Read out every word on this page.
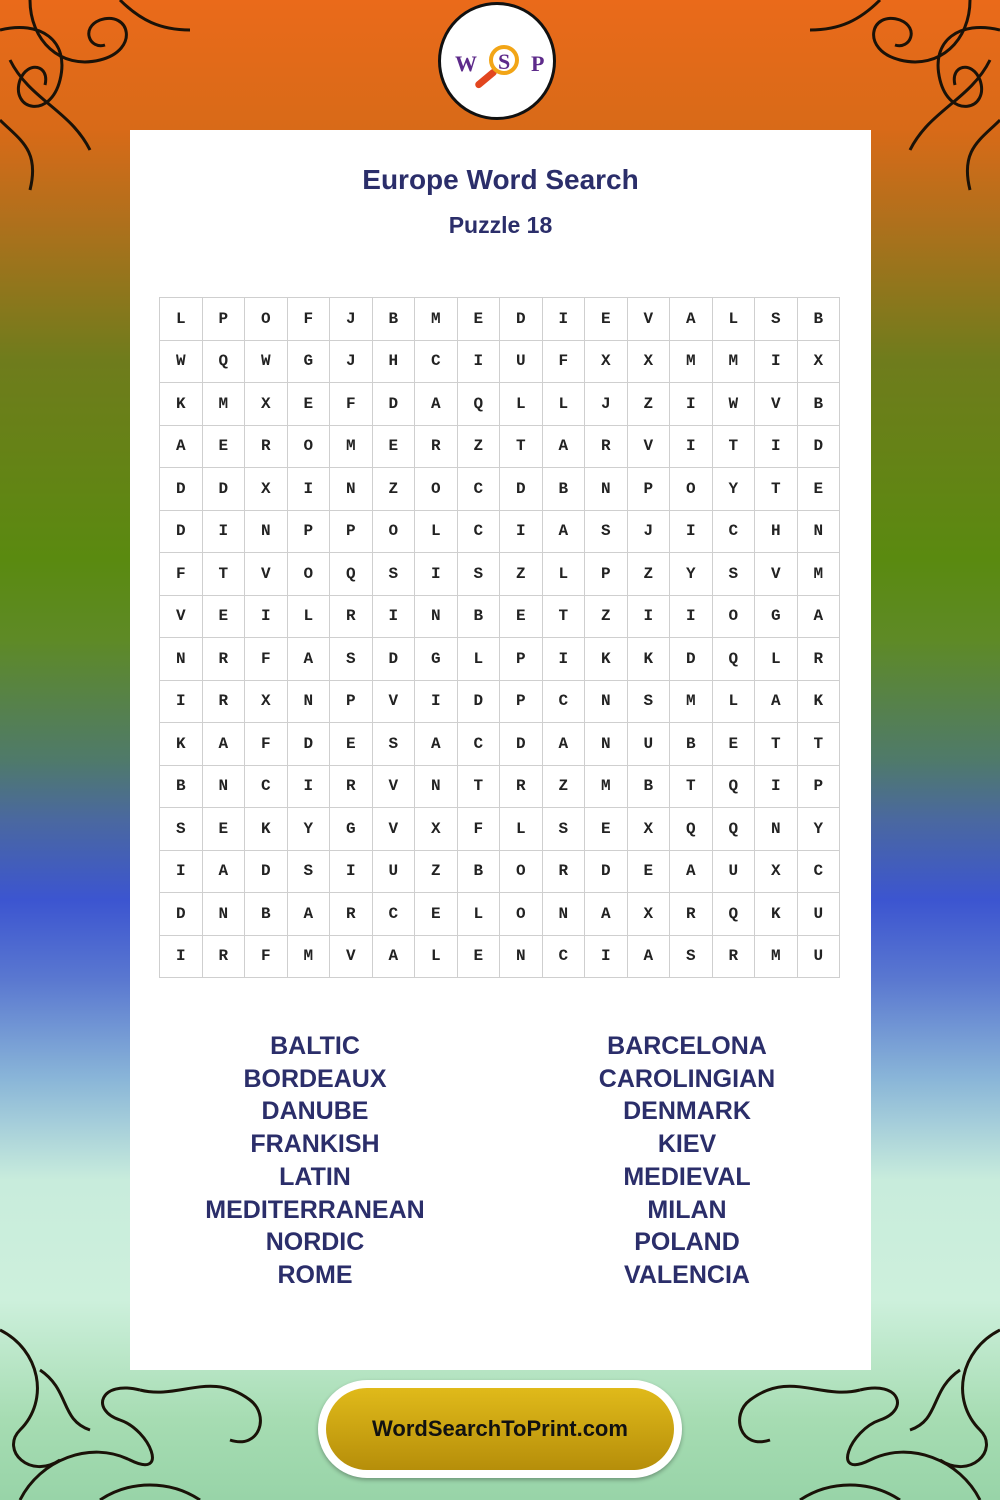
W S P
Europe Word Search
Puzzle 18
L	P	O	F	J	B	M	E	D	I	E	V	A	L	S	B
W	Q	W	G	J	H	C	I	U	F	X	X	M	M	I	X
K	M	X	E	F	D	A	Q	L	L	J	Z	I	W	V	B
A	E	R	O	M	E	R	Z	T	A	R	V	I	T	I	D
D	D	X	I	N	Z	O	C	D	B	N	P	O	Y	T	E
D	I	N	P	P	O	L	C	I	A	S	J	I	C	H	N
F	T	V	O	Q	S	I	S	Z	L	P	Z	Y	S	V	M
V	E	I	L	R	I	N	B	E	T	Z	I	I	O	G	A
N	R	F	A	S	D	G	L	P	I	K	K	D	Q	L	R
I	R	X	N	P	V	I	D	P	C	N	S	M	L	A	K
K	A	F	D	E	S	A	C	D	A	N	U	B	E	T	T
B	N	C	I	R	V	N	T	R	Z	M	B	T	Q	I	P
S	E	K	Y	G	V	X	F	L	S	E	X	Q	Q	N	Y
I	A	D	S	I	U	Z	B	O	R	D	E	A	U	X	C
D	N	B	A	R	C	E	L	O	N	A	X	R	Q	K	U
I	R	F	M	V	A	L	E	N	C	I	A	S	R	M	U
BALTIC
BORDEAUX
DANUBE
FRANKISH
LATIN
MEDITERRANEAN
NORDIC
ROME
BARCELONA
CAROLINGIAN
DENMARK
KIEV
MEDIEVAL
MILAN
POLAND
VALENCIA
WordSearchToPrint.com
